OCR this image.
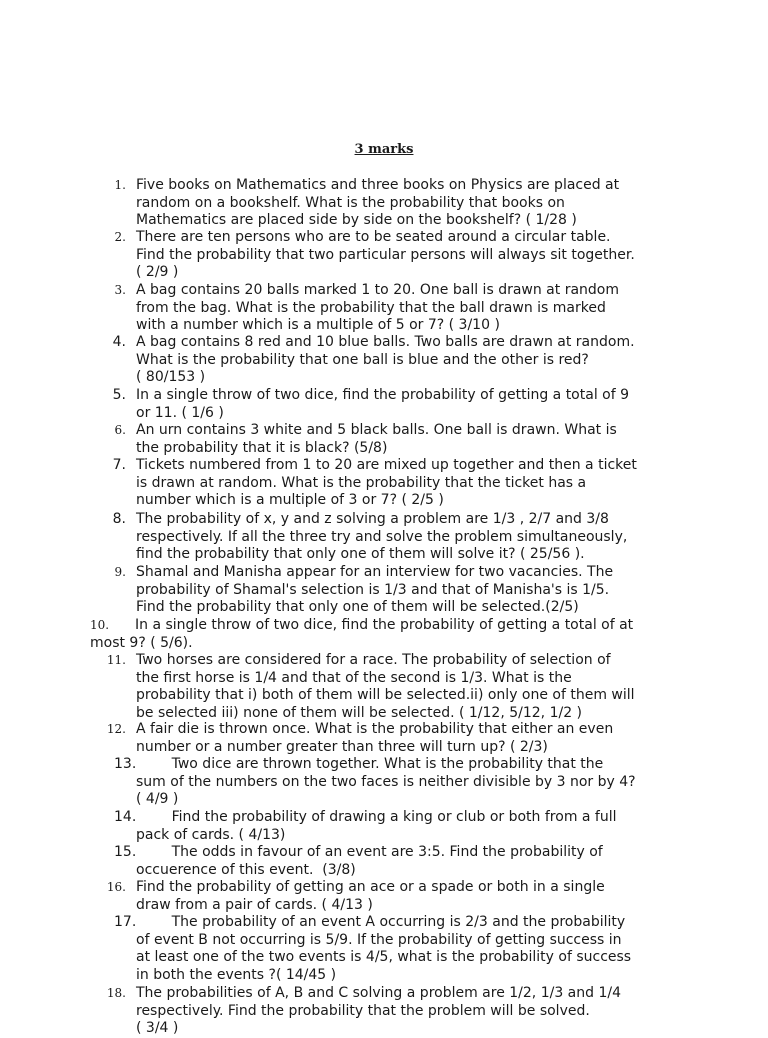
3 marks
1. Five books on Mathematics and three books on Physics are placed at
random on a bookshelf. What is the probability that books on
Mathematics are placed side by side on the bookshelf? ( 1/28 )
2. There are ten persons who are to be seated around a circular table.
Find the probability that two particular persons will always sit together.
( 2/9 )
3. A bag contains 20 balls marked 1 to 20. One ball is drawn at random
from the bag. What is the probability that the ball drawn is marked
with a number which is a multiple of 5 or 7? ( 3/10 )
4. A bag contains 8 red and 10 blue balls. Two balls are drawn at random.
What is the probability that one ball is blue and the other is red?
( 80/153 )
5. In a single throw of two dice, find the probability of getting a total of 9
or 11. ( 1/6 )
6. An urn contains 3 white and 5 black balls. One ball is drawn. What is
the probability that it is black? (5/8)
7. Tickets numbered from 1 to 20 are mixed up together and then a ticket
is drawn at random. What is the probability that the ticket has a
number which is a multiple of 3 or 7? ( 2/5 )
8. The probability of x, y and z solving a problem are 1/3 , 2/7 and 3/8
respectively. If all the three try and solve the problem simultaneously,
find the probability that only one of them will solve it? ( 25/56 ).
9. Shamal and Manisha appear for an interview for two vacancies. The
probability of Shamal's selection is 1/3 and that of Manisha's is 1/5.
Find the probability that only one of them will be selected.(2/5)
10.	In a single throw of two dice, find the probability of getting a total of at
most 9? ( 5/6).
11. Two horses are considered for a race. The probability of selection of
the first horse is 1/4 and that of the second is 1/3. What is the
probability that i) both of them will be selected.ii) only one of them will
be selected iii) none of them will be selected. ( 1/12, 5/12, 1/2 )
12. A fair die is thrown once. What is the probability that either an even
number or a number greater than three will turn up? ( 2/3)
13. Two dice are thrown together. What is the probability that the
sum of the numbers on the two faces is neither divisible by 3 nor by 4?
( 4/9 )
14. Find the probability of drawing a king or club or both from a full
pack of cards. ( 4/13)
15. The odds in favour of an event are 3:5. Find the probability of
occuerence of this event.  (3/8)
16. Find the probability of getting an ace or a spade or both in a single
draw from a pair of cards. ( 4/13 )
17. The probability of an event A occurring is 2/3 and the probability
of event B not occurring is 5/9. If the probability of getting success in
at least one of the two events is 4/5, what is the probability of success
in both the events ?( 14/45 )
18. The probabilities of A, B and C solving a problem are 1/2, 1/3 and 1/4
respectively. Find the probability that the problem will be solved.
( 3/4 )
